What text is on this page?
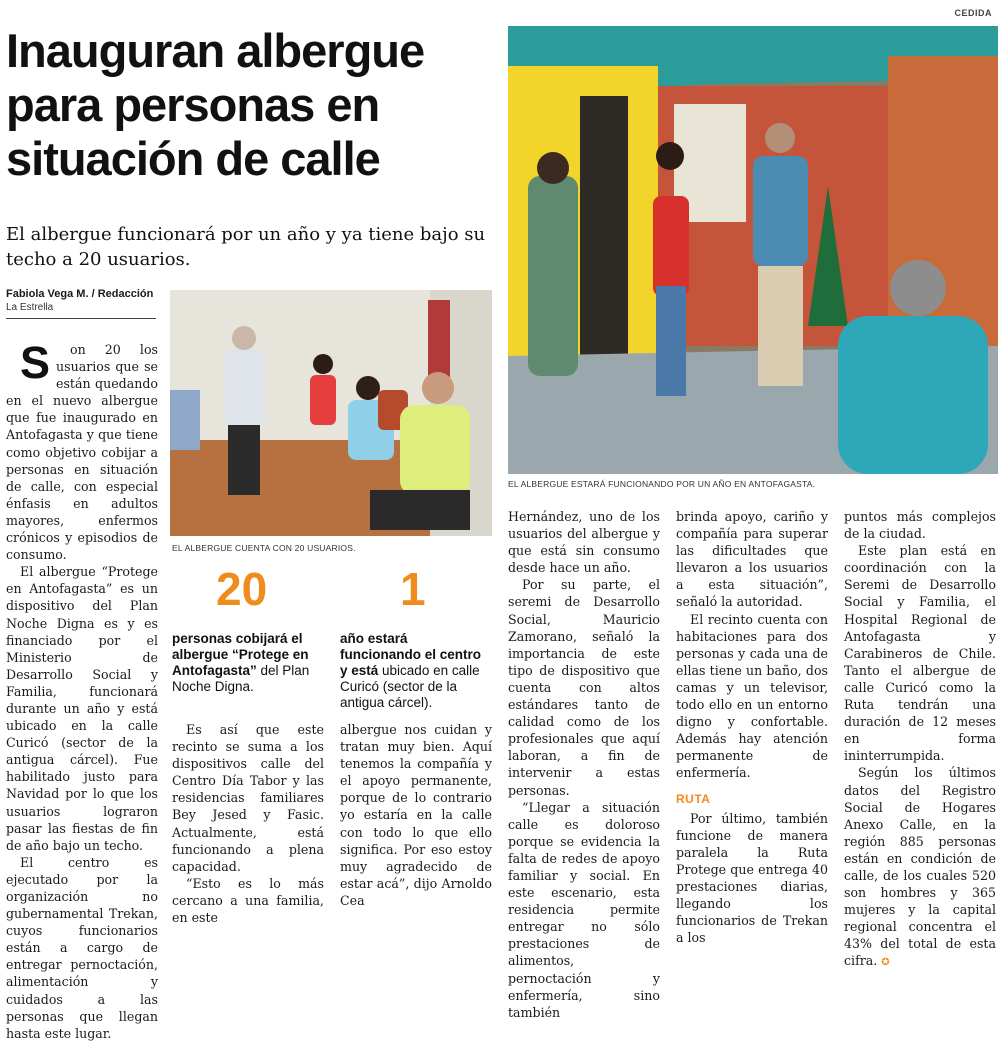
CEDIDA
Inauguran albergue
para personas en
situación de calle

El albergue funcionará por un año y ya tiene bajo su techo a 20 usuarios.

Fabiola Vega M. / Redacción
La Estrella
EL ALBERGUE ESTARÁ FUNCIONANDO POR UN AÑO EN ANTOFAGASTA.
EL ALBERGUE CUENTA CON 20 USUARIOS.
20
personas cobijará el albergue “Protege en Antofagasta” del Plan Noche Digna.
1
año estará funcionando el centro y está ubicado en calle Curicó (sector de la antigua cárcel).

S on 20 los usuarios que se están quedando en el nuevo albergue que fue inaugurado en Antofagasta y que tiene como objetivo cobijar a personas en situación de calle, con especial énfasis en adultos mayores, enfermos crónicos y episodios de consumo.

El albergue “Protege en Antofagasta” es un dispositivo del Plan Noche Digna es y es financiado por el Ministerio de Desarrollo Social y Familia, funcionará durante un año y está ubicado en la calle Curicó (sector de la antigua cárcel). Fue habilitado justo para Navidad por lo que los usuarios lograron pasar las fiestas de fin de año bajo un techo.

El centro es ejecutado por la organización no gubernamental Trekan, cuyos funcionarios están a cargo de entregar pernoctación, alimentación y cuidados a las personas que llegan hasta este lugar.

Es así que este recinto se suma a los dispositivos calle del Centro Día Tabor y las residencias familiares Bey Jesed y Fasic. Actualmente, está funcionando a plena capacidad.

“Esto es lo más cercano a una familia, en este

albergue nos cuidan y tratan muy bien. Aquí tenemos la compañía y el apoyo permanente, porque de lo contrario yo estaría en la calle con todo lo que ello significa. Por eso estoy muy agradecido de estar acá”, dijo Arnoldo Cea

Hernández, uno de los usuarios del albergue y que está sin consumo desde hace un año.

Por su parte, el seremi de Desarrollo Social, Mauricio Zamorano, señaló la importancia de este tipo de dispositivo que cuenta con altos estándares tanto de calidad como de los profesionales que aquí laboran, a fin de intervenir a estas personas.

“Llegar a situación calle es doloroso porque se evidencia la falta de redes de apoyo familiar y social. En este escenario, esta residencia permite entregar no sólo prestaciones de alimentos, pernoctación y enfermería, sino también

brinda apoyo, cariño y compañía para superar las dificultades que llevaron a los usuarios a esta situación”, señaló la autoridad.

El recinto cuenta con habitaciones para dos personas y cada una de ellas tiene un baño, dos camas y un televisor, todo ello en un entorno digno y confortable. Además hay atención permanente de enfermería.

RUTA

Por último, también funcione de manera paralela la Ruta Protege que entrega 40 prestaciones diarias, llegando los funcionarios de Trekan a los

puntos más complejos de la ciudad.

Este plan está en coordinación con la Seremi de Desarrollo Social y Familia, el Hospital Regional de Antofagasta y Carabineros de Chile. Tanto el albergue de calle Curicó como la Ruta tendrán una duración de 12 meses en forma ininterrumpida.

Según los últimos datos del Registro Social de Hogares Anexo Calle, en la región 885 personas están en condición de calle, de los cuales 520 son hombres y 365 mujeres y la capital regional concentra el 43% del total de esta cifra. ✪
